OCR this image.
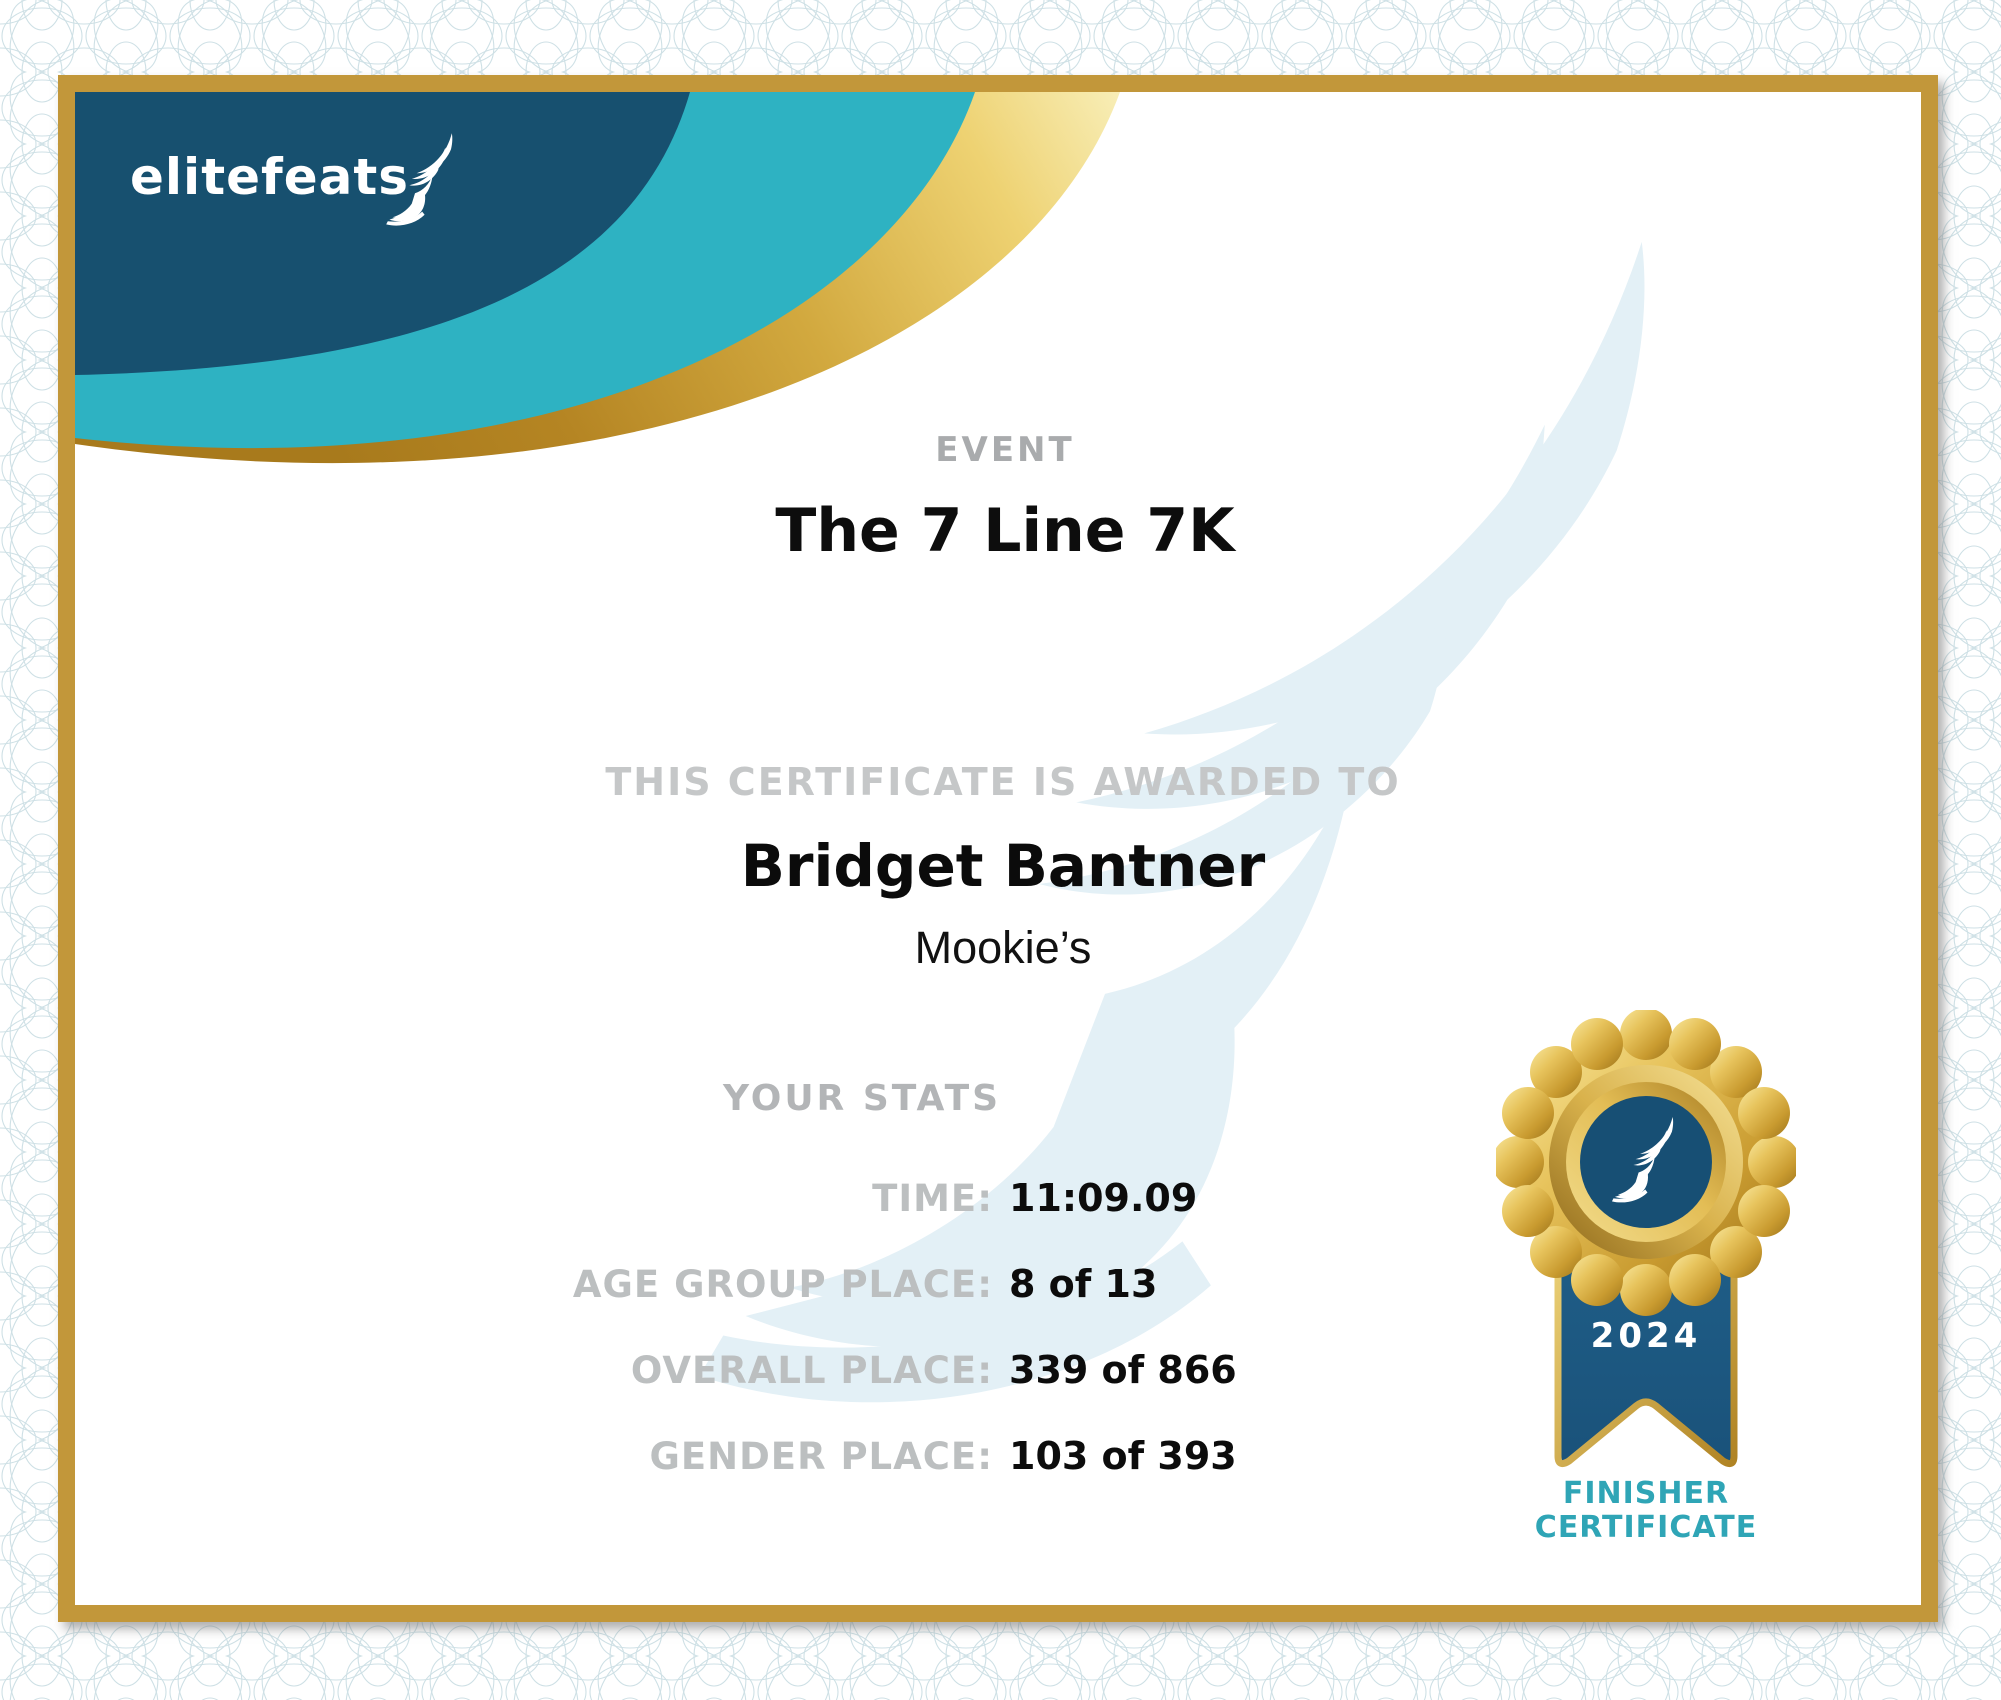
elitefeats
EVENT
The 7 Line 7K
THIS CERTIFICATE IS AWARDED TO
Bridget Bantner
Mookie’s
YOUR STATS
TIME: 11:09.09
AGE GROUP PLACE: 8 of 13
OVERALL PLACE: 339 of 866
GENDER PLACE: 103 of 393
2024
FINISHER
CERTIFICATE
